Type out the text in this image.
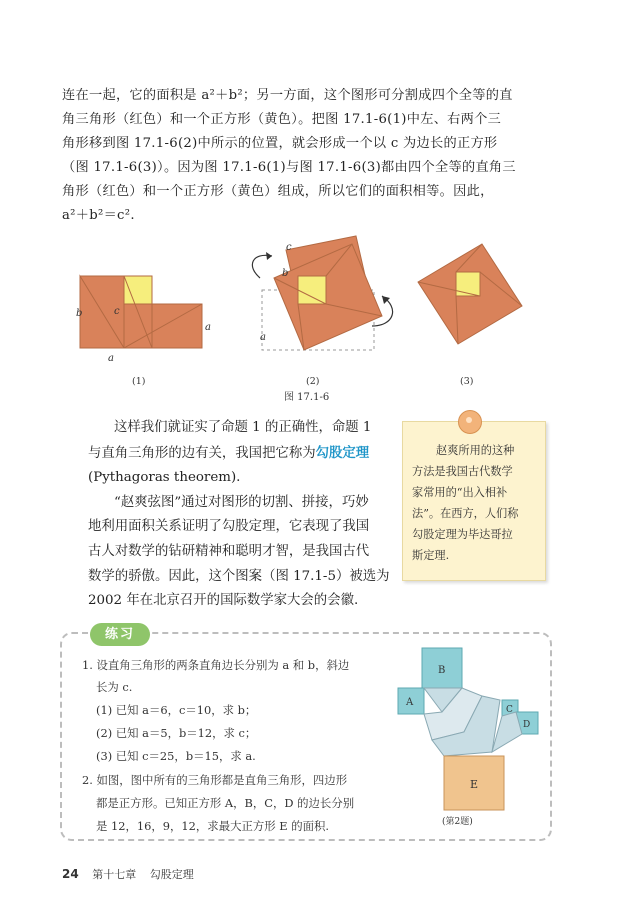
连在一起，它的面积是 a²＋b²；另一方面，这个图形可分割成四个全等的直
角三角形（红色）和一个正方形（黄色）。把图 17.1-6(1)中左、右两个三
角形移到图 17.1-6(2)中所示的位置，就会形成一个以 c 为边长的正方形
（图 17.1-6(3)）。因为图 17.1-6(1)与图 17.1-6(3)都由四个全等的直角三
角形（红色）和一个正方形（黄色）组成，所以它们的面积相等。因此，
a²＋b²＝c².
b	c
a
a
c
b
a
(1)	(2)	(3)
图 17.1-6
这样我们就证实了命题 1 的正确性，命题 1
与直角三角形的边有关，我国把它称为勾股定理
(Pythagoras theorem).
“赵爽弦图”通过对图形的切割、拼接，巧妙
地利用面积关系证明了勾股定理，它表现了我国
古人对数学的钻研精神和聪明才智，是我国古代
数学的骄傲。因此，这个图案（图 17.1-5）被选为
2002 年在北京召开的国际数学家大会的会徽.
赵爽所用的这种
方法是我国古代数学
家常用的“出入相补
法”。在西方，人们称
勾股定理为毕达哥拉
斯定理.
练习
1. 设直角三角形的两条直角边长分别为 a 和 b，斜边
长为 c.
(1) 已知 a＝6，c＝10，求 b；
(2) 已知 a＝5，b＝12，求 c；
(3) 已知 c＝25，b＝15，求 a.
2. 如图，图中所有的三角形都是直角三角形，四边形
都是正方形。已知正方形 A，B，C，D 的边长分别
是 12，16，9，12，求最大正方形 E 的面积.
B
A
C
D
E
(第2题)
24 第十七章 勾股定理
